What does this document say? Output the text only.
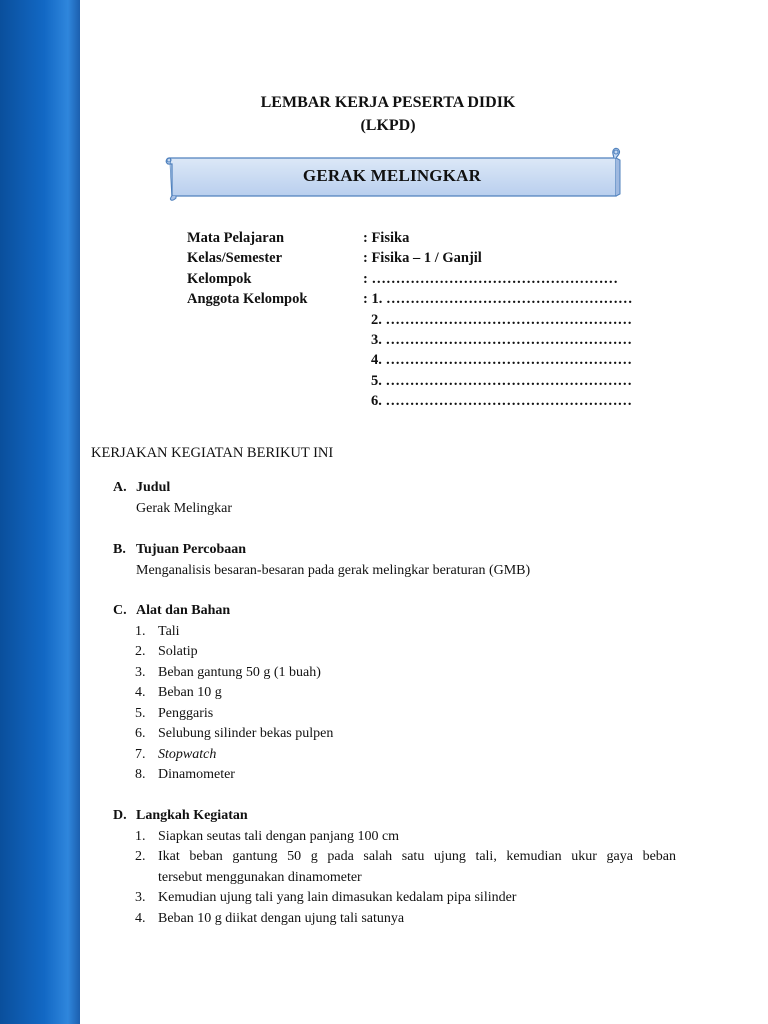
LEMBAR KERJA PESERTA DIDIK
(LKPD)
GERAK MELINGKAR
Mata Pelajaran	: Fisika
Kelas/Semester	: Fisika – 1 / Ganjil
Kelompok	: ……………………………………………
Anggota Kelompok	: 1. ……………………………………………
2. ……………………………………………
3. ……………………………………………
4. ……………………………………………
5. ……………………………………………
6. ……………………………………………
KERJAKAN KEGIATAN BERIKUT INI
A. Judul
Gerak Melingkar
B. Tujuan Percobaan
Menganalisis besaran-besaran pada gerak melingkar beraturan (GMB)
C. Alat dan Bahan
1. Tali
2. Solatip
3. Beban gantung 50 g (1 buah)
4. Beban 10 g
5. Penggaris
6. Selubung silinder bekas pulpen
7. Stopwatch
8. Dinamometer
D. Langkah Kegiatan
1. Siapkan seutas tali dengan panjang 100 cm
2. Ikat beban gantung 50 g pada salah satu ujung tali, kemudian ukur gaya beban
tersebut menggunakan dinamometer
3. Kemudian ujung tali yang lain dimasukan kedalam pipa silinder
4. Beban 10 g diikat dengan ujung tali satunya
